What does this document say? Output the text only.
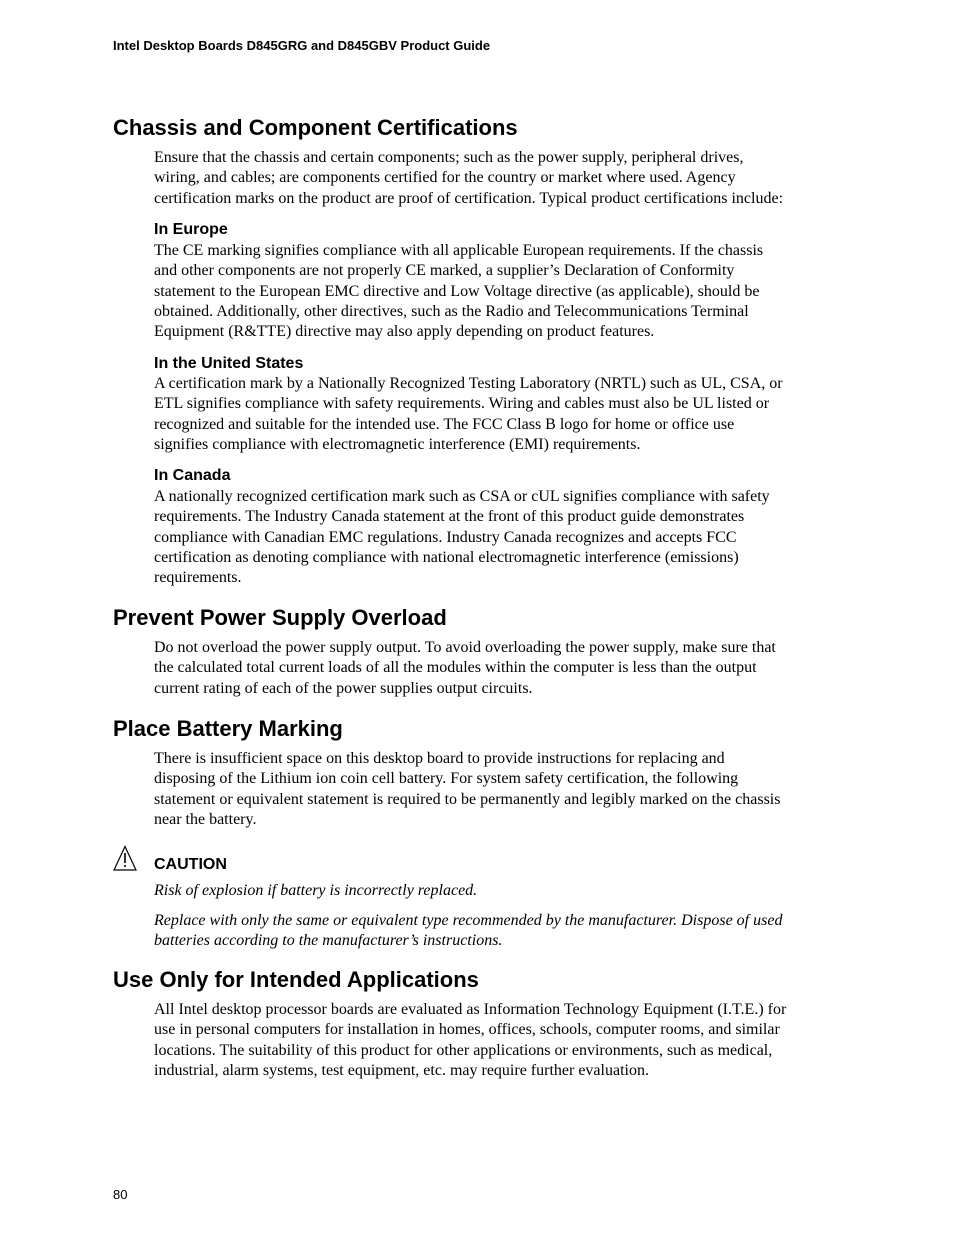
Intel Desktop Boards D845GRG and D845GBV Product Guide
Chassis and Component Certifications

Ensure that the chassis and certain components; such as the power supply, peripheral drives,
wiring, and cables; are components certified for the country or market where used. Agency
certification marks on the product are proof of certification. Typical product certifications include:

In Europe

The CE marking signifies compliance with all applicable European requirements. If the chassis
and other components are not properly CE marked, a supplier’s Declaration of Conformity
statement to the European EMC directive and Low Voltage directive (as applicable), should be
obtained. Additionally, other directives, such as the Radio and Telecommunications Terminal
Equipment (R&TTE) directive may also apply depending on product features.

In the United States

A certification mark by a Nationally Recognized Testing Laboratory (NRTL) such as UL, CSA, or
ETL signifies compliance with safety requirements. Wiring and cables must also be UL listed or
recognized and suitable for the intended use. The FCC Class B logo for home or office use
signifies compliance with electromagnetic interference (EMI) requirements.

In Canada

A nationally recognized certification mark such as CSA or cUL signifies compliance with safety
requirements. The Industry Canada statement at the front of this product guide demonstrates
compliance with Canadian EMC regulations. Industry Canada recognizes and accepts FCC
certification as denoting compliance with national electromagnetic interference (emissions)
requirements.

Prevent Power Supply Overload

Do not overload the power supply output. To avoid overloading the power supply, make sure that
the calculated total current loads of all the modules within the computer is less than the output
current rating of each of the power supplies output circuits.

Place Battery Marking

There is insufficient space on this desktop board to provide instructions for replacing and
disposing of the Lithium ion coin cell battery. For system safety certification, the following
statement or equivalent statement is required to be permanently and legibly marked on the chassis
near the battery.

CAUTION

Risk of explosion if battery is incorrectly replaced.

Replace with only the same or equivalent type recommended by the manufacturer. Dispose of used
batteries according to the manufacturer’s instructions.

Use Only for Intended Applications

All Intel desktop processor boards are evaluated as Information Technology Equipment (I.T.E.) for
use in personal computers for installation in homes, offices, schools, computer rooms, and similar
locations. The suitability of this product for other applications or environments, such as medical,
industrial, alarm systems, test equipment, etc. may require further evaluation.

80
